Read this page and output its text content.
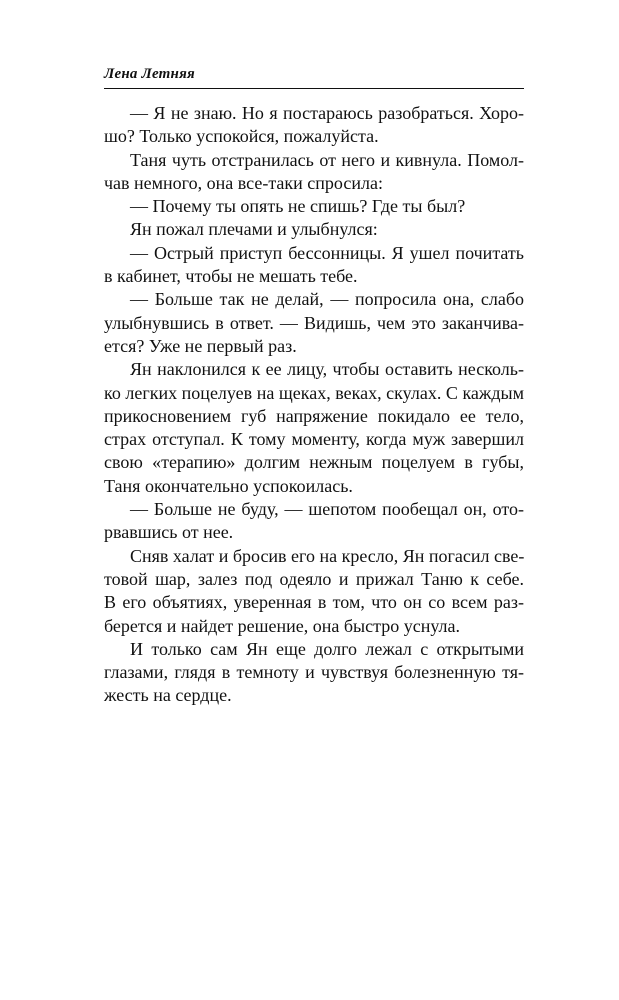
Лена Летняя
— Я не знаю. Но я постараюсь разобраться. Хоро-
шо? Только успокойся, пожалуйста.
Таня чуть отстранилась от него и кивнула. Помол-
чав немного, она все-таки спросила:
— Почему ты опять не спишь? Где ты был?
Ян пожал плечами и улыбнулся:
— Острый приступ бессонницы. Я ушел почитать
в кабинет, чтобы не мешать тебе.
— Больше так не делай, — попросила она, слабо
улыбнувшись в ответ. — Видишь, чем это заканчива-
ется? Уже не первый раз.
Ян наклонился к ее лицу, чтобы оставить несколь-
ко легких поцелуев на щеках, веках, скулах. С каждым
прикосновением губ напряжение покидало ее тело,
страх отступал. К тому моменту, когда муж завершил
свою «терапию» долгим нежным поцелуем в губы,
Таня окончательно успокоилась.
— Больше не буду, — шепотом пообещал он, ото-
рвавшись от нее.
Сняв халат и бросив его на кресло, Ян погасил све-
товой шар, залез под одеяло и прижал Таню к себе.
В его объятиях, уверенная в том, что он со всем раз-
берется и найдет решение, она быстро уснула.
И только сам Ян еще долго лежал с открытыми
глазами, глядя в темноту и чувствуя болезненную тя-
жесть на сердце.
